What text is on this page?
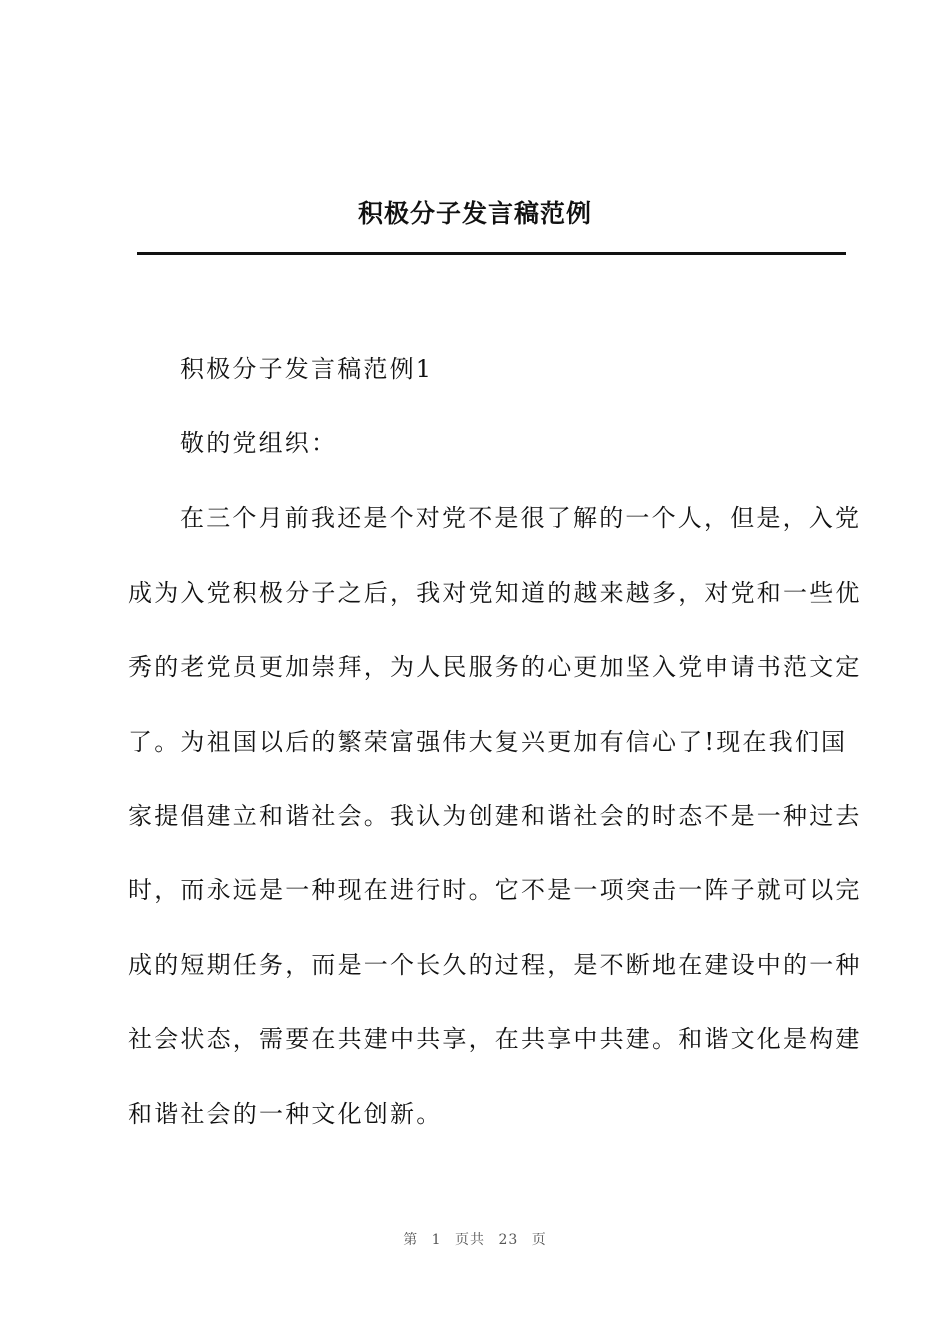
积极分子发言稿范例
积极分子发言稿范例1
敬的党组织：
在三个月前我还是个对党不是很了解的一个人，但是，入党
成为入党积极分子之后，我对党知道的越来越多，对党和一些优
秀的老党员更加崇拜，为人民服务的心更加坚入党申请书范文定
了。为祖国以后的繁荣富强伟大复兴更加有信心了!现在我们国
家提倡建立和谐社会。我认为创建和谐社会的时态不是一种过去
时，而永远是一种现在进行时。它不是一项突击一阵子就可以完
成的短期任务，而是一个长久的过程，是不断地在建设中的一种
社会状态，需要在共建中共享，在共享中共建。和谐文化是构建
和谐社会的一种文化创新。
第 1 页共 23 页
